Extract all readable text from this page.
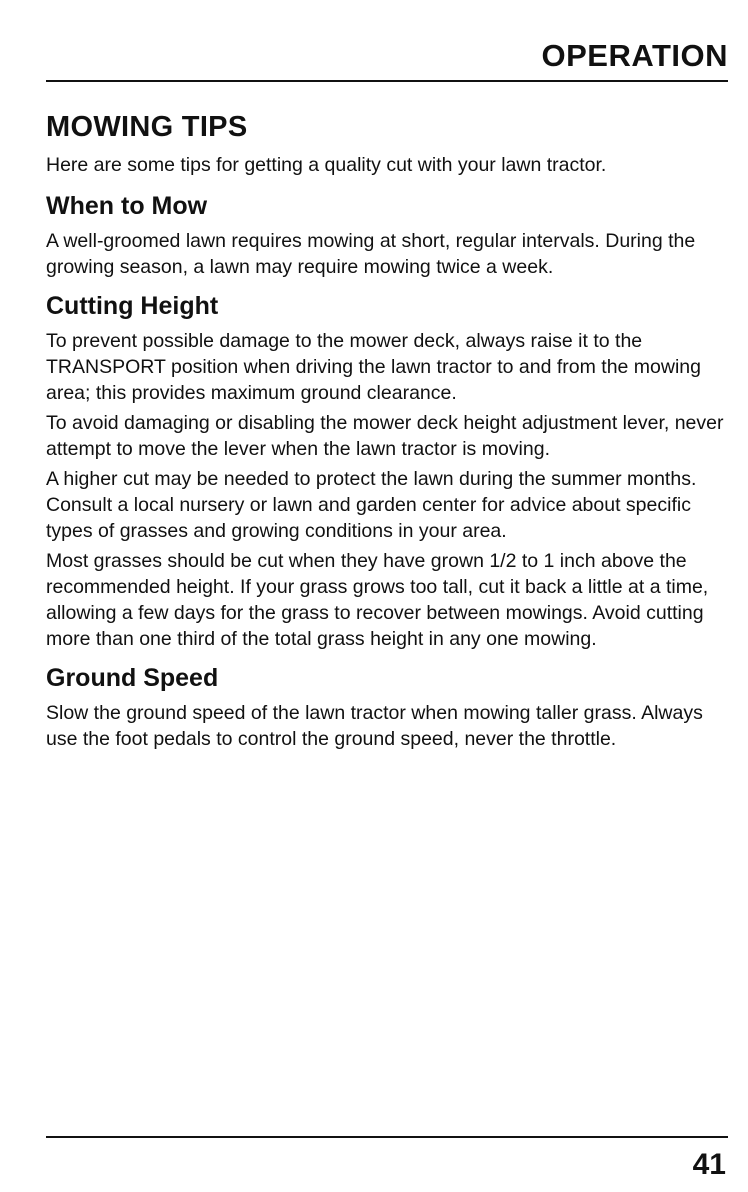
OPERATION
MOWING TIPS

Here are some tips for getting a quality cut with your lawn tractor.

When to Mow

A well-groomed lawn requires mowing at short, regular intervals. During the growing season, a lawn may require mowing twice a week.

Cutting Height

To prevent possible damage to the mower deck, always raise it to the TRANSPORT position when driving the lawn tractor to and from the mowing area; this provides maximum ground clearance.

To avoid damaging or disabling the mower deck height adjustment lever, never attempt to move the lever when the lawn tractor is moving.

A higher cut may be needed to protect the lawn during the summer months. Consult a local nursery or lawn and garden center for advice about specific types of grasses and growing conditions in your area.

Most grasses should be cut when they have grown 1/2 to 1 inch above the recommended height. If your grass grows too tall, cut it back a little at a time, allowing a few days for the grass to recover between mowings. Avoid cutting more than one third of the total grass height in any one mowing.

Ground Speed

Slow the ground speed of the lawn tractor when mowing taller grass. Always use the foot pedals to control the ground speed, never the throttle.

41
